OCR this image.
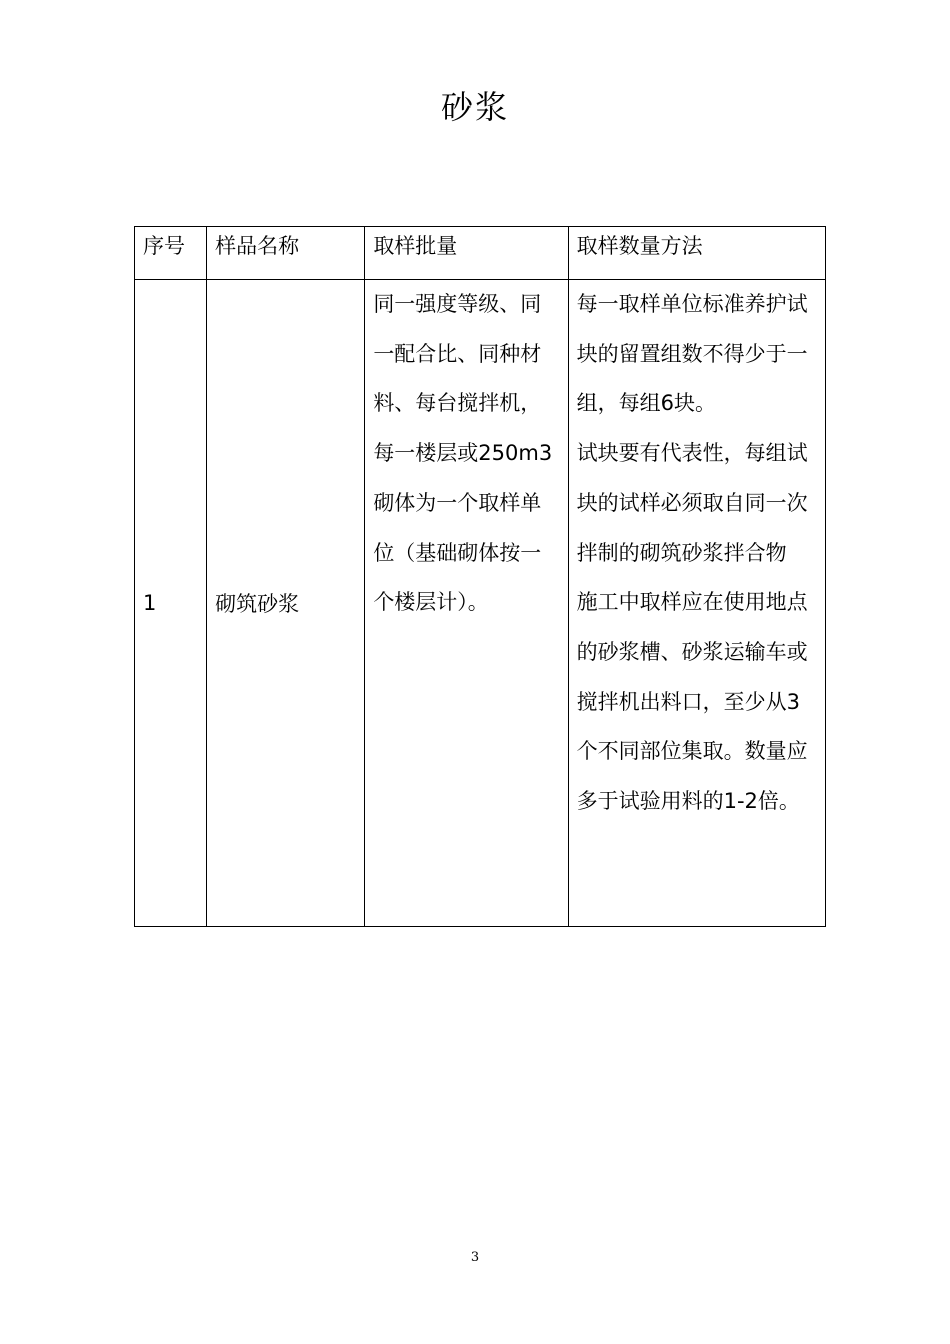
砂浆
序号	样品名称	取样批量	取样数量方法
1	砌筑砂浆	同一强度等级、同一配合比、同种材料、每台搅拌机，每一楼层或250m3砌体为一个取样单位（基础砌体按一个楼层计）。	每一取样单位标准养护试块的留置组数不得少于一组，每组6块。
试块要有代表性，每组试块的试样必须取自同一次拌制的砌筑砂浆拌合物
施工中取样应在使用地点的砂浆槽、砂浆运输车或搅拌机出料口，至少从3个不同部位集取。数量应多于试验用料的1-2倍。
3
